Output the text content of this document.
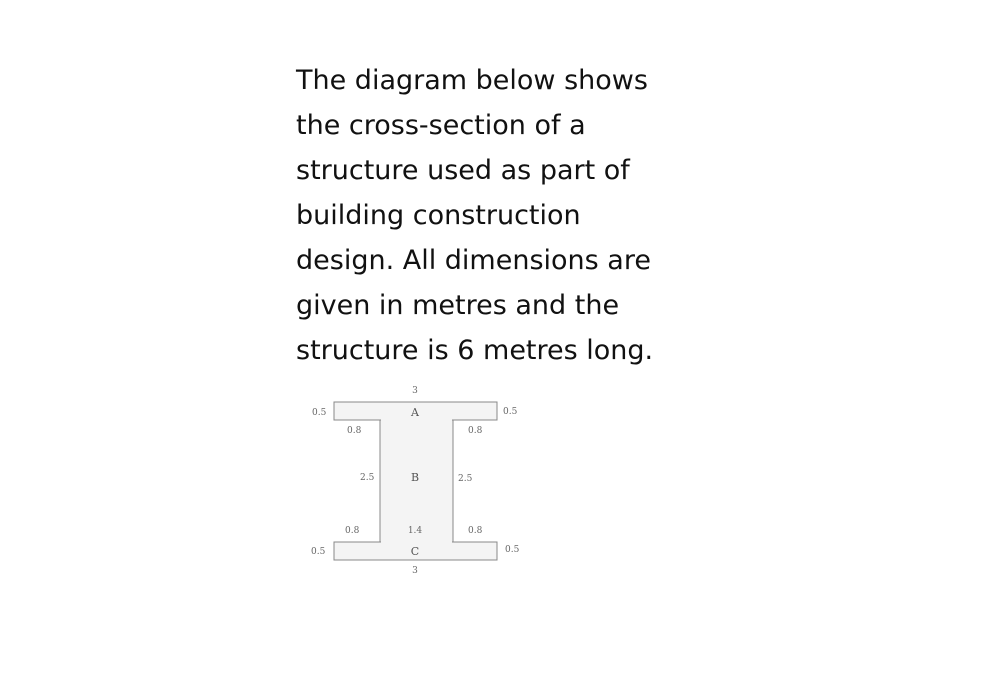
The diagram below shows
the cross-section of a
structure used as part of
building construction
design. All dimensions are
given in metres and the
structure is 6 metres long.
3
A
0.5	0.5
0.8	0.8
2.5	B	2.5
0.8	1.4	0.8
0.5	C	0.5
3
